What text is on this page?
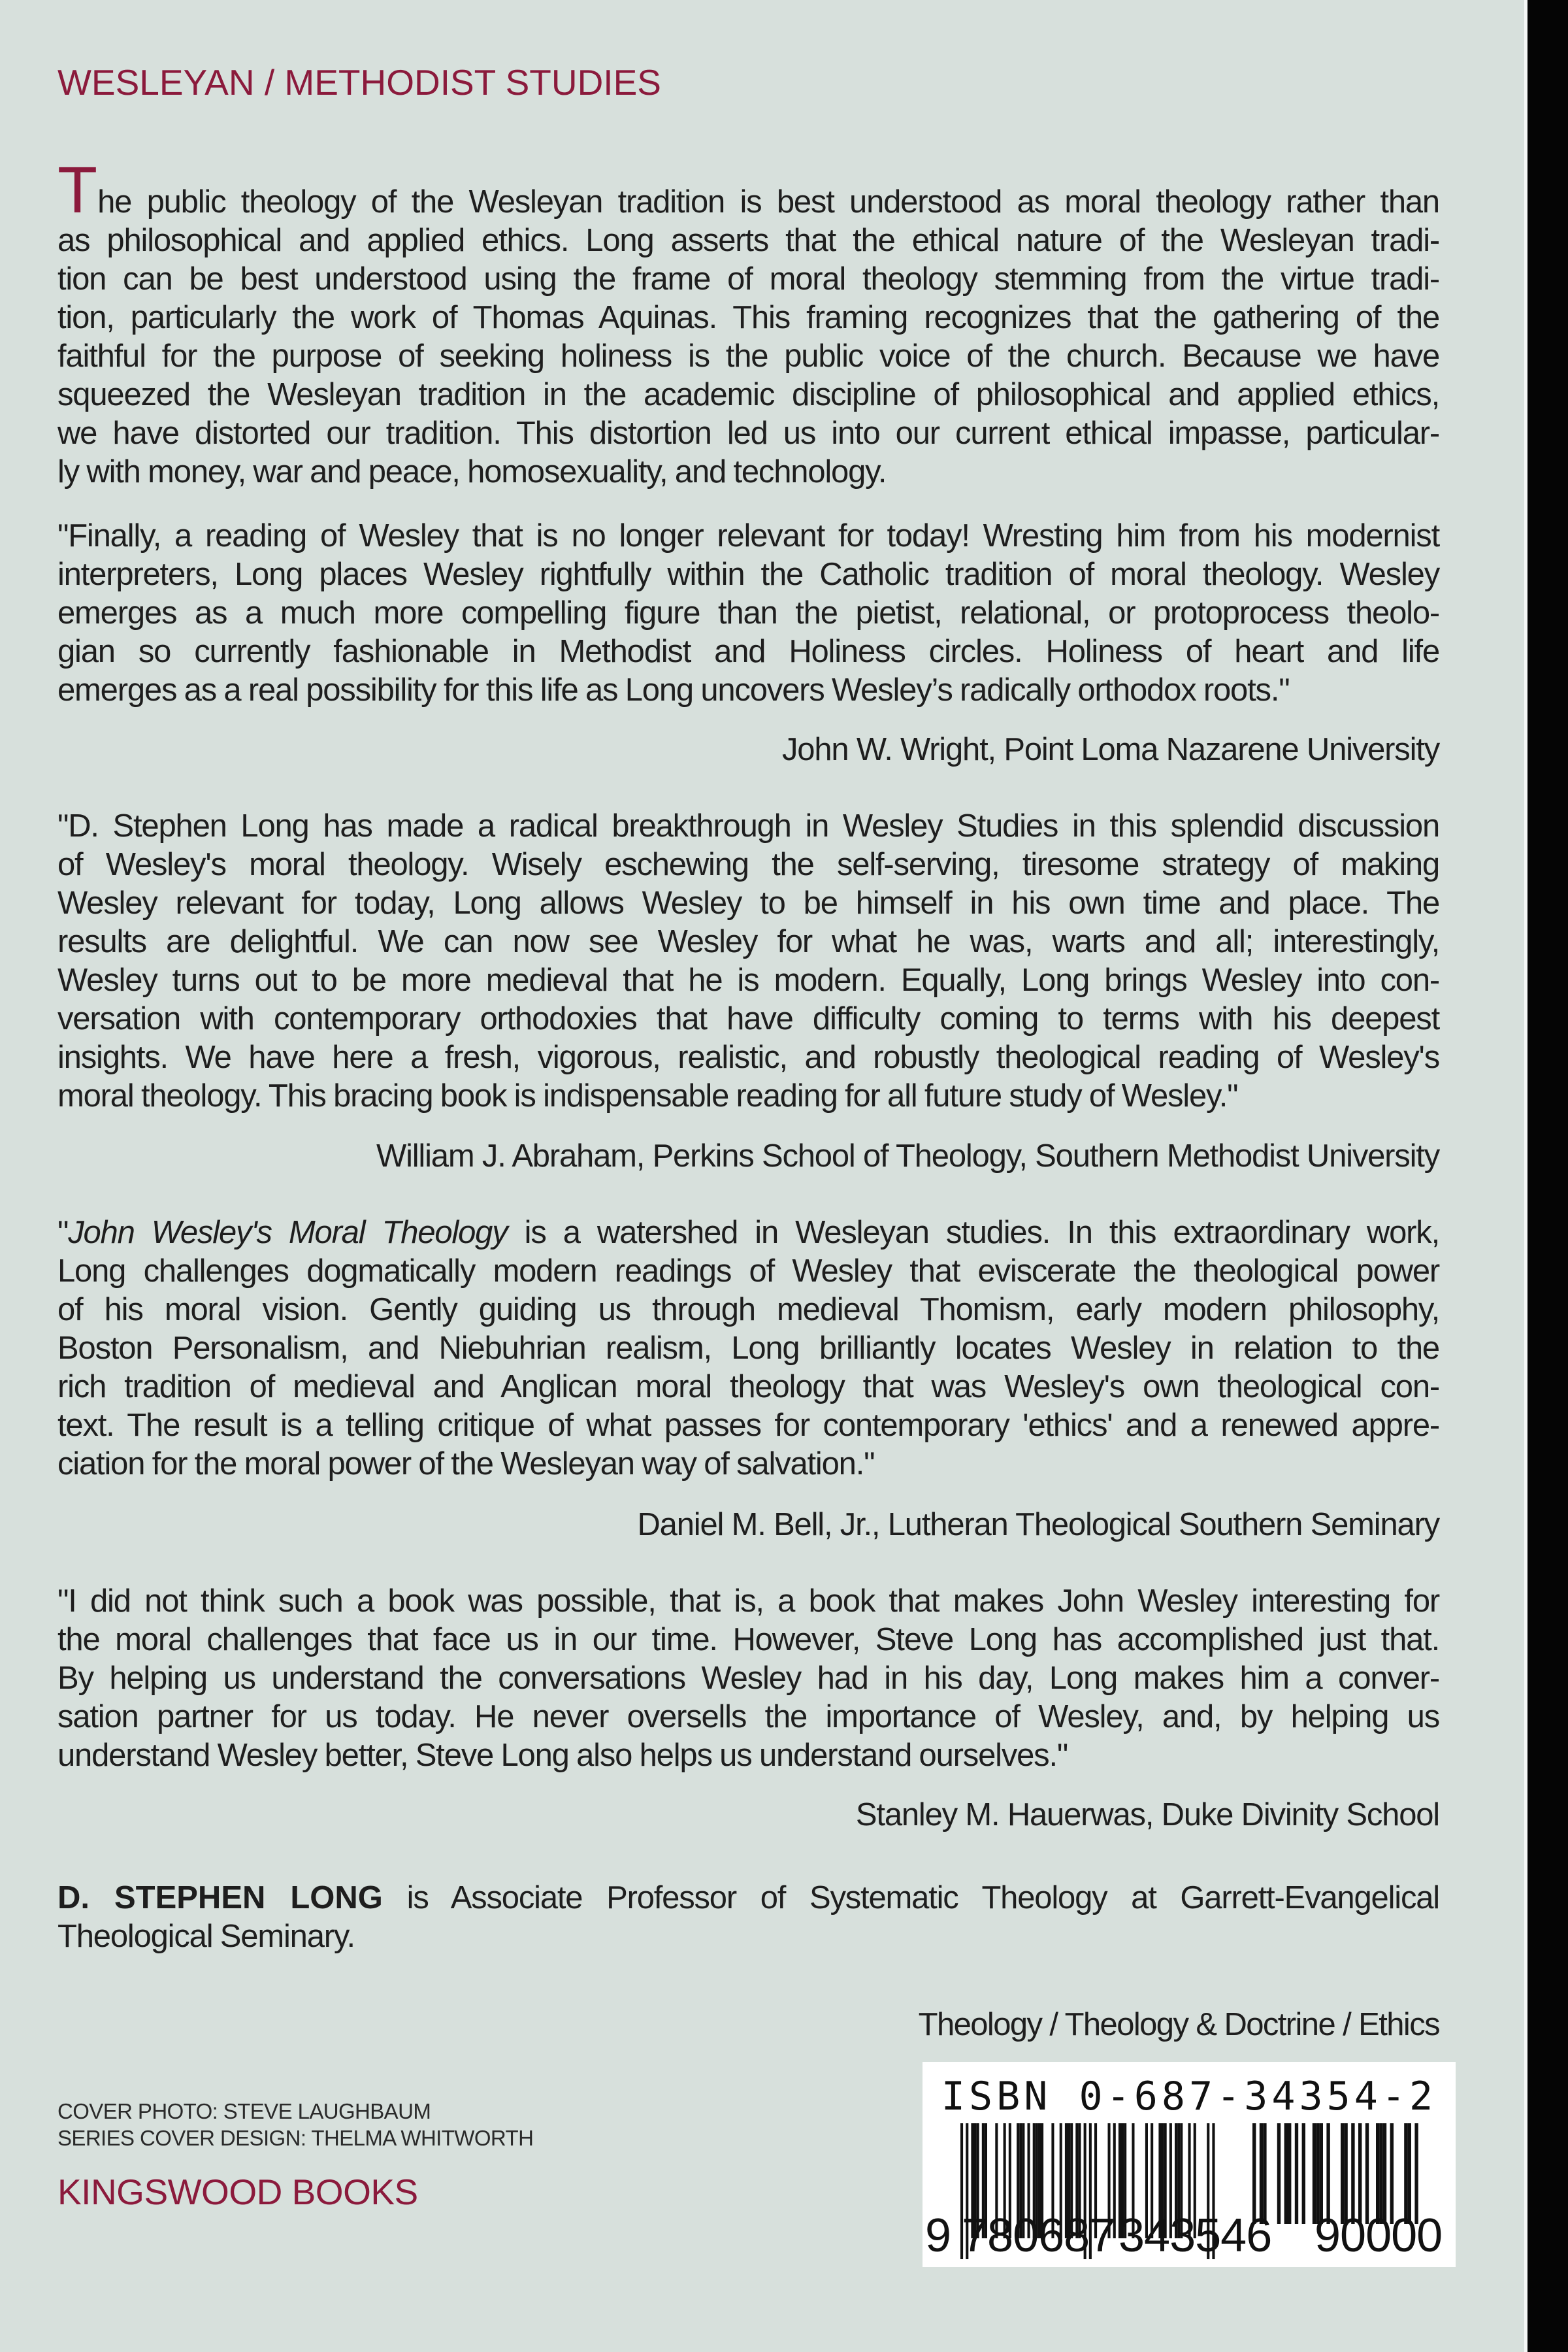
WESLEYAN / METHODIST STUDIES
The public theology of the Wesleyan tradition is best understood as moral theology rather than
as philosophical and applied ethics. Long asserts that the ethical nature of the Wesleyan tradi-
tion can be best understood using the frame of moral theology stemming from the virtue tradi-
tion, particularly the work of Thomas Aquinas. This framing recognizes that the gathering of the
faithful for the purpose of seeking holiness is the public voice of the church. Because we have
squeezed the Wesleyan tradition in the academic discipline of philosophical and applied ethics,
we have distorted our tradition. This distortion led us into our current ethical impasse, particular-
ly with money, war and peace, homosexuality, and technology.
"Finally, a reading of Wesley that is no longer relevant for today! Wresting him from his modernist
interpreters, Long places Wesley rightfully within the Catholic tradition of moral theology. Wesley
emerges as a much more compelling figure than the pietist, relational, or protoprocess theolo-
gian so currently fashionable in Methodist and Holiness circles. Holiness of heart and life
emerges as a real possibility for this life as Long uncovers Wesley’s radically orthodox roots."
John W. Wright, Point Loma Nazarene University
"D. Stephen Long has made a radical breakthrough in Wesley Studies in this splendid discussion
of Wesley's moral theology. Wisely eschewing the self-serving, tiresome strategy of making
Wesley relevant for today, Long allows Wesley to be himself in his own time and place. The
results are delightful. We can now see Wesley for what he was, warts and all; interestingly,
Wesley turns out to be more medieval that he is modern. Equally, Long brings Wesley into con-
versation with contemporary orthodoxies that have difficulty coming to terms with his deepest
insights. We have here a fresh, vigorous, realistic, and robustly theological reading of Wesley's
moral theology. This bracing book is indispensable reading for all future study of Wesley."
William J. Abraham, Perkins School of Theology, Southern Methodist University
"John Wesley's Moral Theology is a watershed in Wesleyan studies. In this extraordinary work,
Long challenges dogmatically modern readings of Wesley that eviscerate the theological power
of his moral vision. Gently guiding us through medieval Thomism, early modern philosophy,
Boston Personalism, and Niebuhrian realism, Long brilliantly locates Wesley in relation to the
rich tradition of medieval and Anglican moral theology that was Wesley's own theological con-
text. The result is a telling critique of what passes for contemporary 'ethics' and a renewed appre-
ciation for the moral power of the Wesleyan way of salvation."
Daniel M. Bell, Jr., Lutheran Theological Southern Seminary
"I did not think such a book was possible, that is, a book that makes John Wesley interesting for
the moral challenges that face us in our time. However, Steve Long has accomplished just that.
By helping us understand the conversations Wesley had in his day, Long makes him a conver-
sation partner for us today. He never oversells the importance of Wesley, and, by helping us
understand Wesley better, Steve Long also helps us understand ourselves."
Stanley M. Hauerwas, Duke Divinity School
D. STEPHEN LONG is Associate Professor of Systematic Theology at Garrett-Evangelical
Theological Seminary.
Theology / Theology & Doctrine / Ethics
COVER PHOTO: STEVE LAUGHBAUM
SERIES COVER DESIGN: THELMA WHITWORTH
KINGSWOOD BOOKS
ISBN 0-687-34354-2
9 780687 343546 90000
